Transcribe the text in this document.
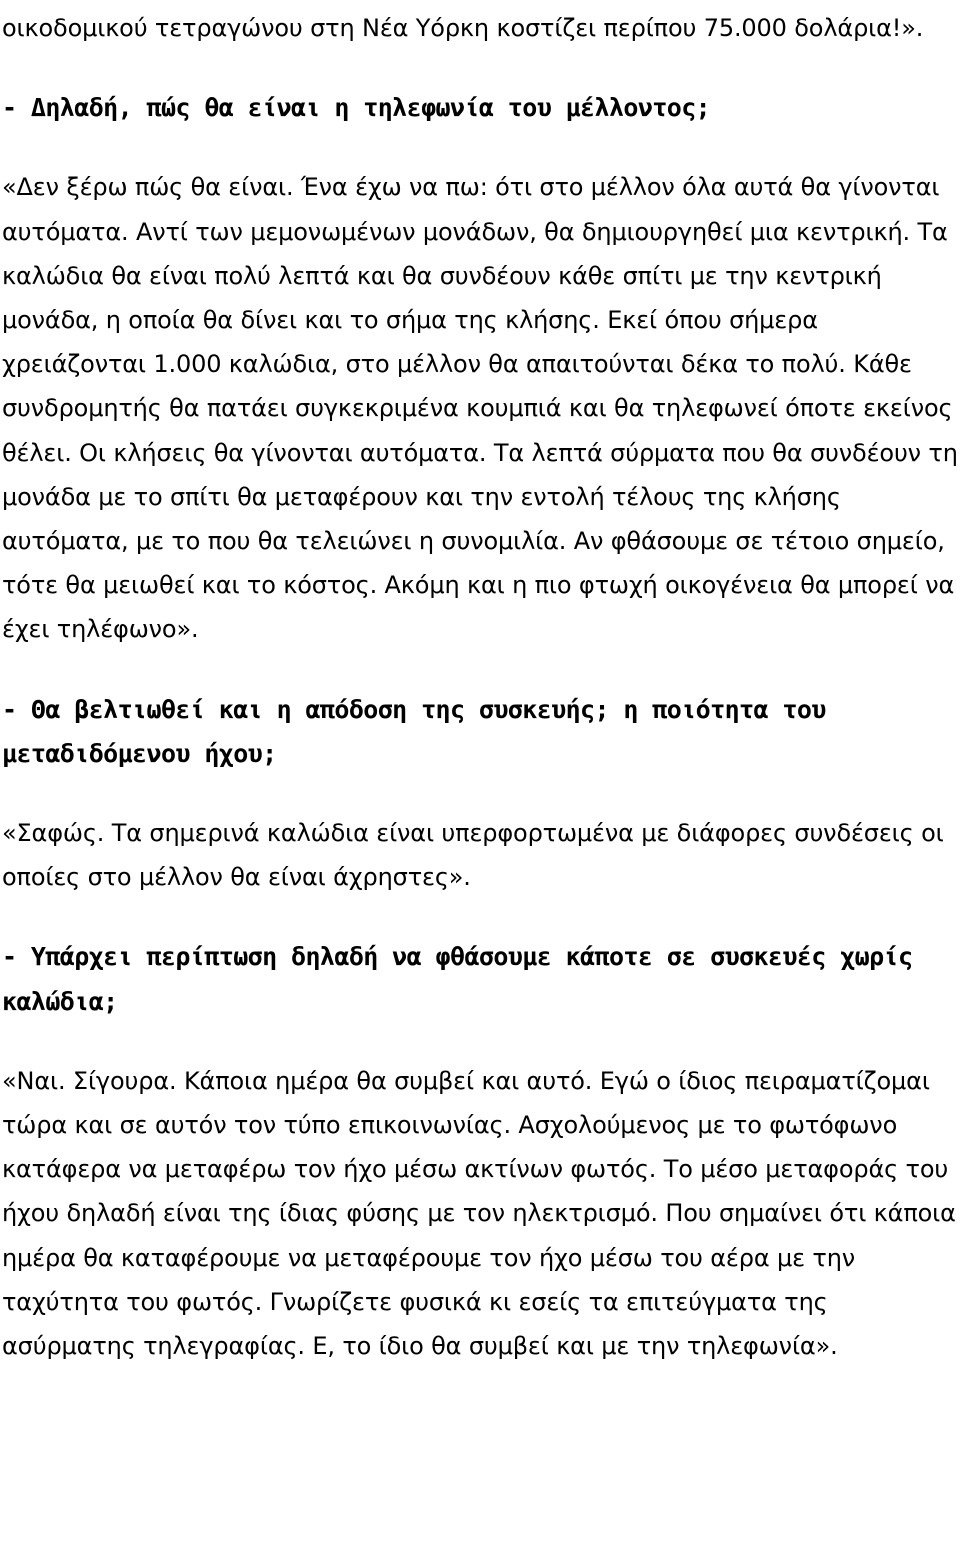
οικοδομικού τετραγώνου στη Νέα Υόρκη κοστίζει περίπου 75.000 δολάρια!».

- Δηλαδή, πώς θα είναι η τηλεφωνία του μέλλοντος;

«Δεν ξέρω πώς θα είναι. Ένα έχω να πω: ότι στο μέλλον όλα αυτά θα γίνονται αυτόματα. Αντί των μεμονωμένων μονάδων, θα δημιουργηθεί μια κεντρική. Τα καλώδια θα είναι πολύ λεπτά και θα συνδέουν κάθε σπίτι με την κεντρική μονάδα, η οποία θα δίνει και το σήμα της κλήσης. Εκεί όπου σήμερα χρειάζονται 1.000 καλώδια, στο μέλλον θα απαιτούνται δέκα το πολύ. Κάθε συνδρομητής θα πατάει συγκεκριμένα κουμπιά και θα τηλεφωνεί όποτε εκείνος θέλει. Οι κλήσεις θα γίνονται αυτόματα. Τα λεπτά σύρματα που θα συνδέουν τη μονάδα με το σπίτι θα μεταφέρουν και την εντολή τέλους της κλήσης αυτόματα, με το που θα τελειώνει η συνομιλία. Αν φθάσουμε σε τέτοιο σημείο, τότε θα μειωθεί και το κόστος. Ακόμη και η πιο φτωχή οικογένεια θα μπορεί να έχει τηλέφωνο».

- Θα βελτιωθεί και η απόδοση της συσκευής; η ποιότητα του μεταδιδόμενου ήχου;

«Σαφώς. Τα σημερινά καλώδια είναι υπερφορτωμένα με διάφορες συνδέσεις οι οποίες στο μέλλον θα είναι άχρηστες».

- Υπάρχει περίπτωση δηλαδή να φθάσουμε κάποτε σε συσκευές χωρίς καλώδια;

«Ναι. Σίγουρα. Κάποια ημέρα θα συμβεί και αυτό. Εγώ ο ίδιος πειραματίζομαι τώρα και σε αυτόν τον τύπο επικοινωνίας. Ασχολούμενος με το φωτόφωνο κατάφερα να μεταφέρω τον ήχο μέσω ακτίνων φωτός. Το μέσο μεταφοράς του ήχου δηλαδή είναι της ίδιας φύσης με τον ηλεκτρισμό. Που σημαίνει ότι κάποια ημέρα θα καταφέρουμε να μεταφέρουμε τον ήχο μέσω του αέρα με την ταχύτητα του φωτός. Γνωρίζετε φυσικά κι εσείς τα επιτεύγματα της ασύρματης τηλεγραφίας. Ε, το ίδιο θα συμβεί και με την τηλεφωνία».
